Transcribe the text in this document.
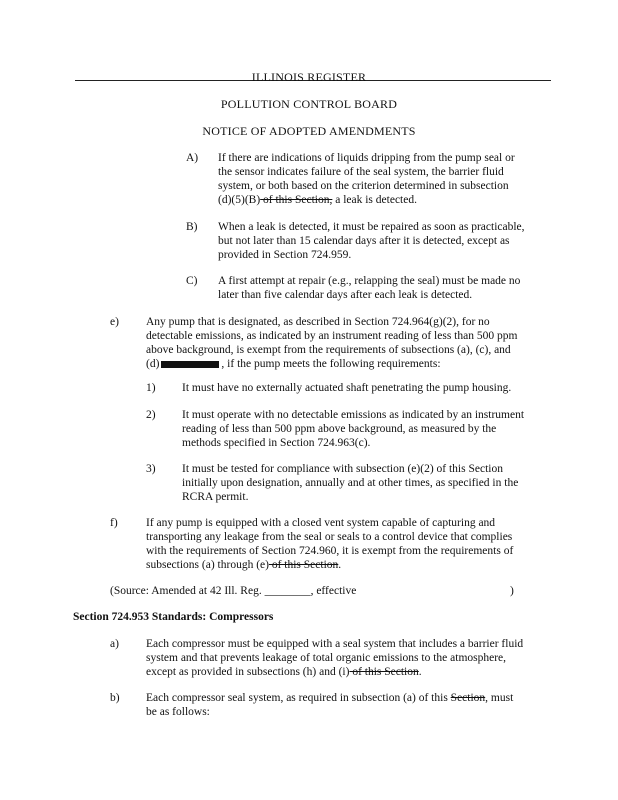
ILLINOIS REGISTER
POLLUTION CONTROL BOARD
NOTICE OF ADOPTED AMENDMENTS
A) If there are indications of liquids dripping from the pump seal or
the sensor indicates failure of the seal system, the barrier fluid
system, or both based on the criterion determined in subsection
(d)(5)(B) of this Section, a leak is detected.
B) When a leak is detected, it must be repaired as soon as practicable,
but not later than 15 calendar days after it is detected, except as
provided in Section 724.959.
C) A first attempt at repair (e.g., relapping the seal) must be made no
later than five calendar days after each leak is detected.
e) Any pump that is designated, as described in Section 724.964(g)(2), for no
detectable emissions, as indicated by an instrument reading of less than 500 ppm
above background, is exempt from the requirements of subsections (a), (c), and
(d)	, if the pump meets the following requirements:
1) It must have no externally actuated shaft penetrating the pump housing.
2) It must operate with no detectable emissions as indicated by an instrument
reading of less than 500 ppm above background, as measured by the
methods specified in Section 724.963(c).
3) It must be tested for compliance with subsection (e)(2) of this Section
initially upon designation, annually and at other times, as specified in the
RCRA permit.
f) If any pump is equipped with a closed vent system capable of capturing and
transporting any leakage from the seal or seals to a control device that complies
with the requirements of Section 724.960, it is exempt from the requirements of
subsections (a) through (e) of this Section.
(Source: Amended at 42 Ill. Reg. ________, effective	)
Section 724.953 Standards: Compressors
a) Each compressor must be equipped with a seal system that includes a barrier fluid
system and that prevents leakage of total organic emissions to the atmosphere,
except as provided in subsections (h) and (i) of this Section.
b) Each compressor seal system, as required in subsection (a) of this Section, must
be as follows:
